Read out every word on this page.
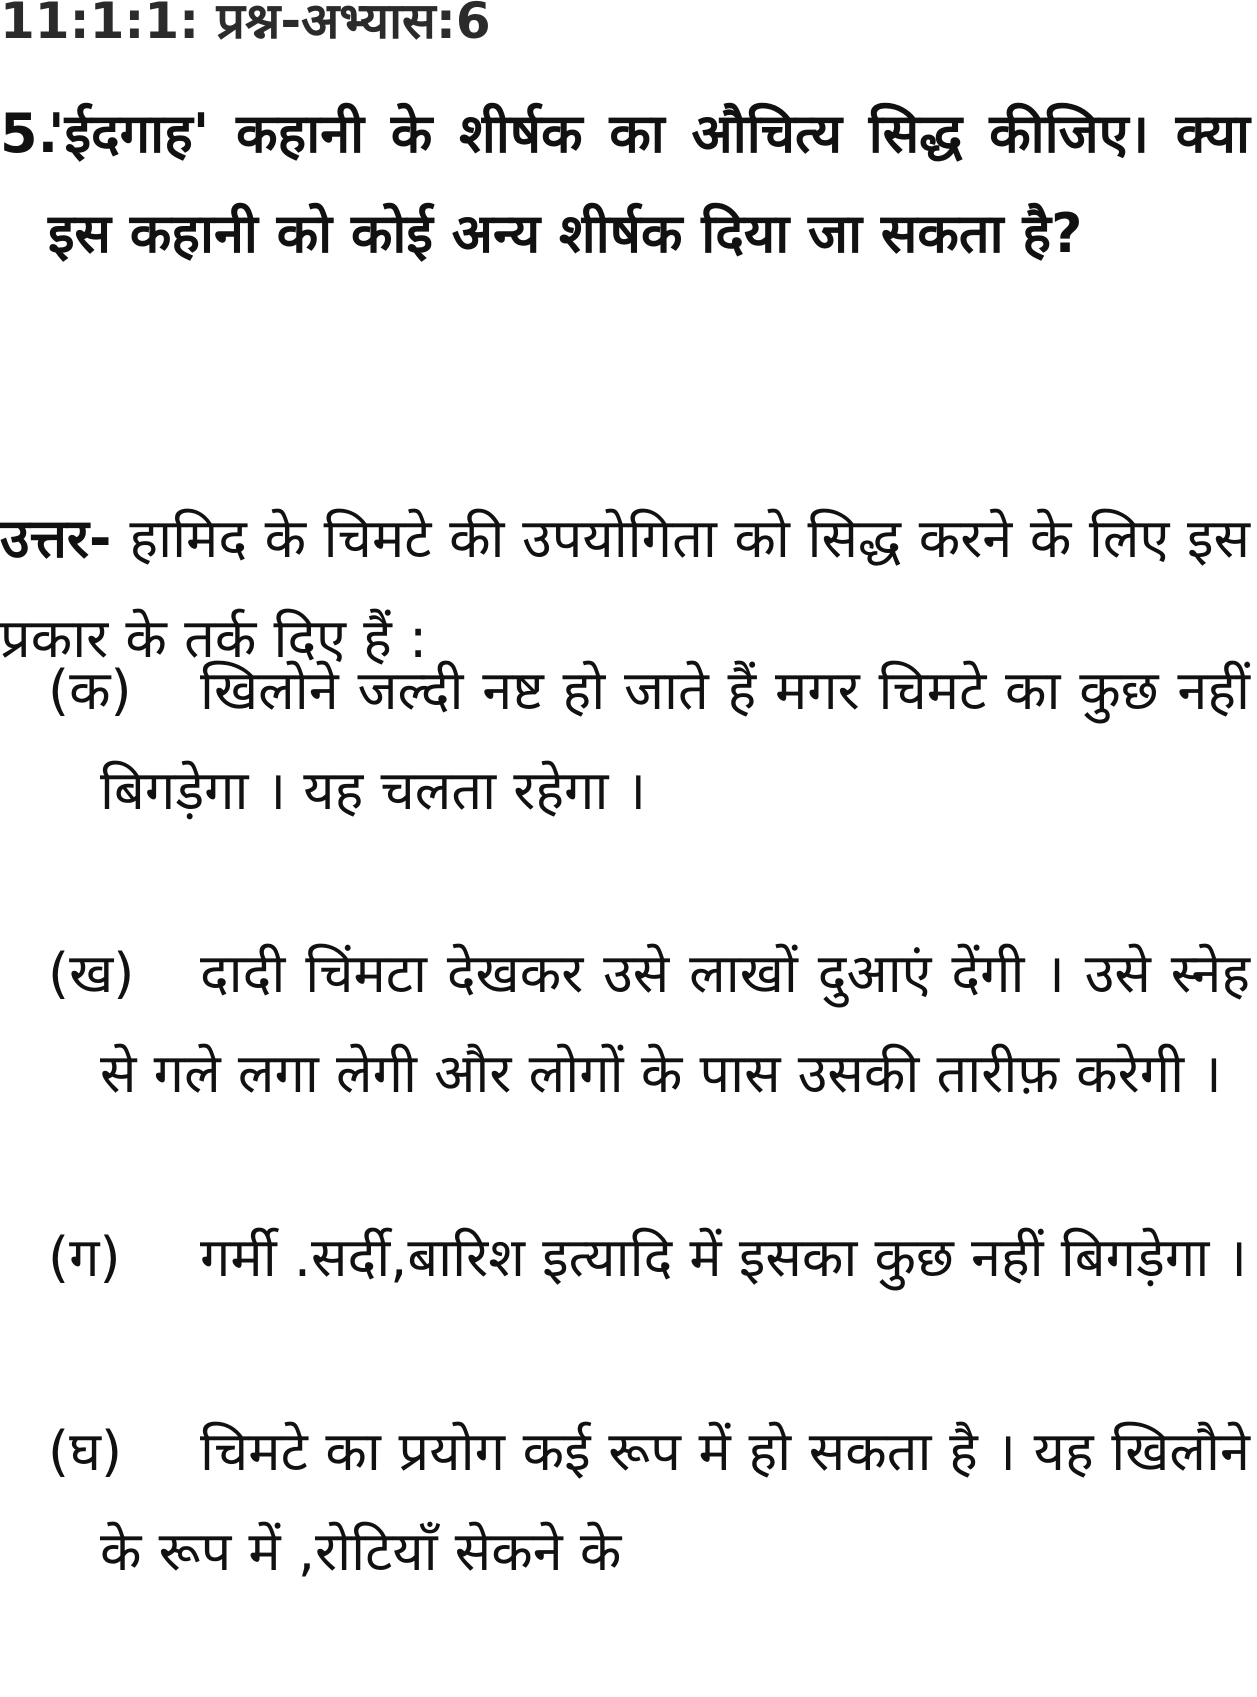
11:1:1: प्रश्न-अभ्यास:6
5.
'ईदगाह' कहानी के शीर्षक का औचित्य सिद्ध कीजिए। क्या इस कहानी को कोई अन्य शीर्षक दिया जा सकता है?
उत्तर- हामिद के चिमटे की उपयोगिता को सिद्ध करने के लिए इस प्रकार के तर्क दिए हैं :
(क)	खिलोने जल्दी नष्ट हो जाते हैं मगर चिमटे का कुछ नहीं बिगड़ेगा । यह चलता रहेगा ।
(ख)	दादी चिंमटा देखकर उसे लाखों दुआएं देंगी । उसे स्नेह से गले लगा लेगी और लोगों के पास उसकी तारीफ़ करेगी ।
(ग)	गर्मी .सर्दी,बारिश इत्यादि में इसका कुछ नहीं बिगड़ेगा ।
(घ)	चिमटे का प्रयोग कई रूप में हो सकता है । यह खिलौने के रूप में ,रोटियाँ सेकने के
